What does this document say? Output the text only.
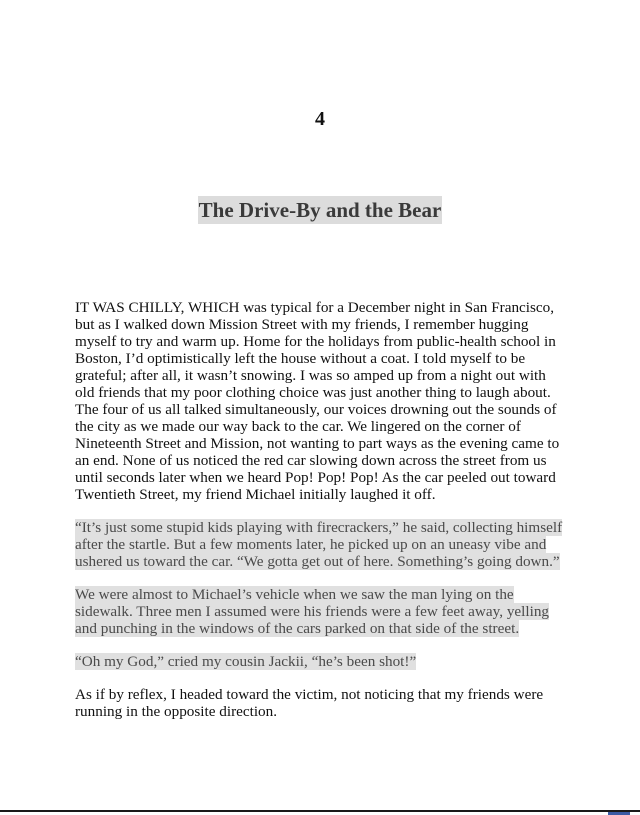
4
The Drive-By and the Bear

IT WAS CHILLY, WHICH was typical for a December night in San Francisco, but as I walked down Mission Street with my friends, I remember hugging myself to try and warm up. Home for the holidays from public-health school in Boston, I’d optimistically left the house without a coat. I told myself to be grateful; after all, it wasn’t snowing. I was so amped up from a night out with old friends that my poor clothing choice was just another thing to laugh about. The four of us all talked simultaneously, our voices drowning out the sounds of the city as we made our way back to the car. We lingered on the corner of Nineteenth Street and Mission, not wanting to part ways as the evening came to an end. None of us noticed the red car slowing down across the street from us until seconds later when we heard Pop! Pop! Pop! As the car peeled out toward Twentieth Street, my friend Michael initially laughed it off.

“It’s just some stupid kids playing with firecrackers,” he said, collecting himself after the startle. But a few moments later, he picked up on an uneasy vibe and ushered us toward the car. “We gotta get out of here. Something’s going down.”

We were almost to Michael’s vehicle when we saw the man lying on the sidewalk. Three men I assumed were his friends were a few feet away, yelling and punching in the windows of the cars parked on that side of the street.

“Oh my God,” cried my cousin Jackii, “he’s been shot!”

As if by reflex, I headed toward the victim, not noticing that my friends were running in the opposite direction.
